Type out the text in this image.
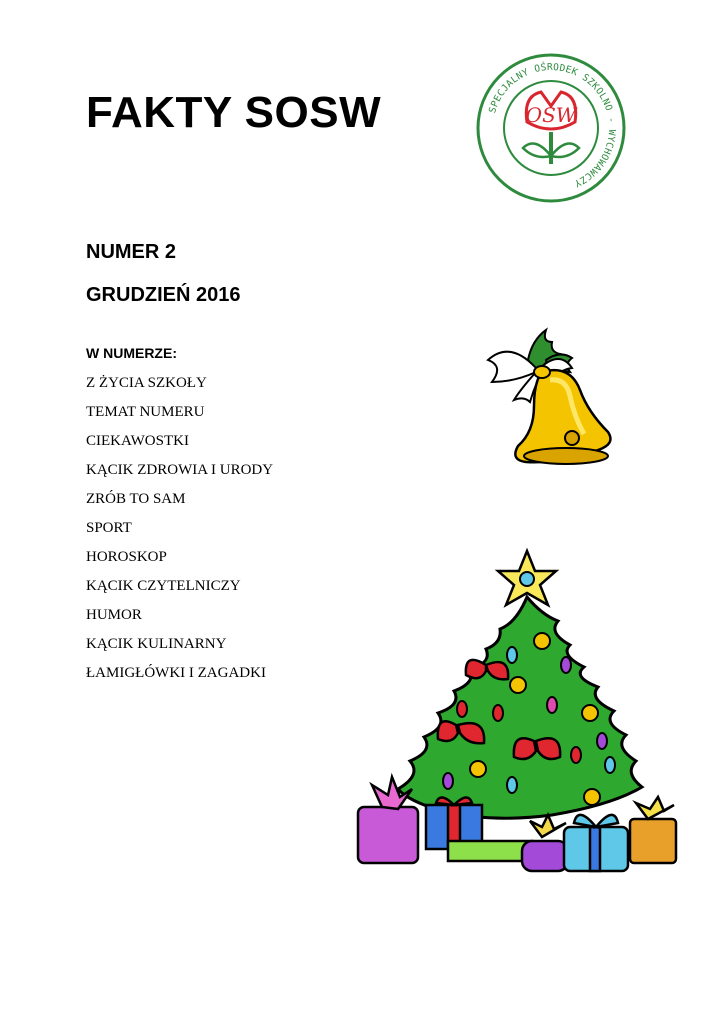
FAKTY SOSW	SPECJALNY OŚRODEK SZKOLNO - WYCHOWAWCZY
OSW
NUMER 2
GRUDZIEŃ 2016
W NUMERZE:
Z ŻYCIA SZKOŁY
TEMAT NUMERU
CIEKAWOSTKI
KĄCIK ZDROWIA I URODY
ZRÓB TO SAM
SPORT
HOROSKOP
KĄCIK CZYTELNICZY
HUMOR
KĄCIK KULINARNY
ŁAMIGŁÓWKI I ZAGADKI
